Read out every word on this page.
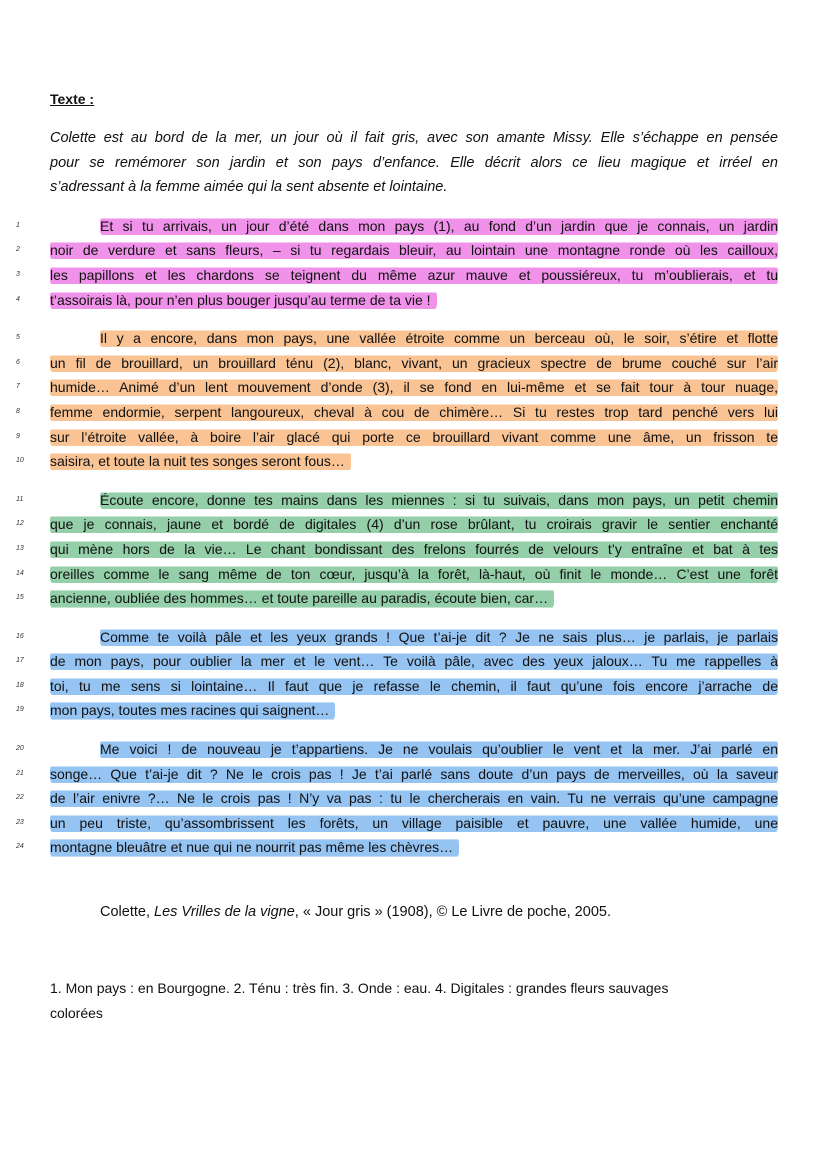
Texte :
Colette est au bord de la mer, un jour où il fait gris, avec son amante Missy. Elle s’échappe en pensée
pour se remémorer son jardin et son pays d’enfance. Elle décrit alors ce lieu magique et irréel en
s’adressant à la femme aimée qui la sent absente et lointaine.
1	Et si tu arrivais, un jour d’été dans mon pays (1), au fond d’un jardin que je connais, un jardin
2	noir de verdure et sans fleurs, – si tu regardais bleuir, au lointain une montagne ronde où les cailloux,
3	les papillons et les chardons se teignent du même azur mauve et poussiéreux, tu m’oublierais, et tu
4	t’assoirais là, pour n’en plus bouger jusqu’au terme de ta vie !
5	Il y a encore, dans mon pays, une vallée étroite comme un berceau où, le soir, s’étire et flotte
6	un fil de brouillard, un brouillard ténu (2), blanc, vivant, un gracieux spectre de brume couché sur l’air
7	humide… Animé d’un lent mouvement d’onde (3), il se fond en lui-même et se fait tour à tour nuage,
8	femme endormie, serpent langoureux, cheval à cou de chimère… Si tu restes trop tard penché vers lui
9	sur l’étroite vallée, à boire l’air glacé qui porte ce brouillard vivant comme une âme, un frisson te
10	saisira, et toute la nuit tes songes seront fous…
11	Écoute encore, donne tes mains dans les miennes : si tu suivais, dans mon pays, un petit chemin
12	que je connais, jaune et bordé de digitales (4) d’un rose brûlant, tu croirais gravir le sentier enchanté
13	qui mène hors de la vie… Le chant bondissant des frelons fourrés de velours t’y entraîne et bat à tes
14	oreilles comme le sang même de ton cœur, jusqu’à la forêt, là-haut, où finit le monde… C’est une forêt
15	ancienne, oubliée des hommes… et toute pareille au paradis, écoute bien, car…
16	Comme te voilà pâle et les yeux grands ! Que t’ai-je dit ? Je ne sais plus… je parlais, je parlais
17	de mon pays, pour oublier la mer et le vent… Te voilà pâle, avec des yeux jaloux… Tu me rappelles à
18	toi, tu me sens si lointaine… Il faut que je refasse le chemin, il faut qu’une fois encore j’arrache de
19	mon pays, toutes mes racines qui saignent…
20	Me voici ! de nouveau je t’appartiens. Je ne voulais qu’oublier le vent et la mer. J’ai parlé en
21	songe… Que t’ai-je dit ? Ne le crois pas ! Je t’ai parlé sans doute d’un pays de merveilles, où la saveur
22	de l’air enivre ?… Ne le crois pas ! N’y va pas : tu le chercherais en vain. Tu ne verrais qu’une campagne
23	un peu triste, qu’assombrissent les forêts, un village paisible et pauvre, une vallée humide, une
24	montagne bleuâtre et nue qui ne nourrit pas même les chèvres…
Colette, Les Vrilles de la vigne, « Jour gris » (1908), © Le Livre de poche, 2005.
1. Mon pays : en Bourgogne. 2. Ténu : très fin. 3. Onde : eau. 4. Digitales : grandes fleurs sauvages
colorées
